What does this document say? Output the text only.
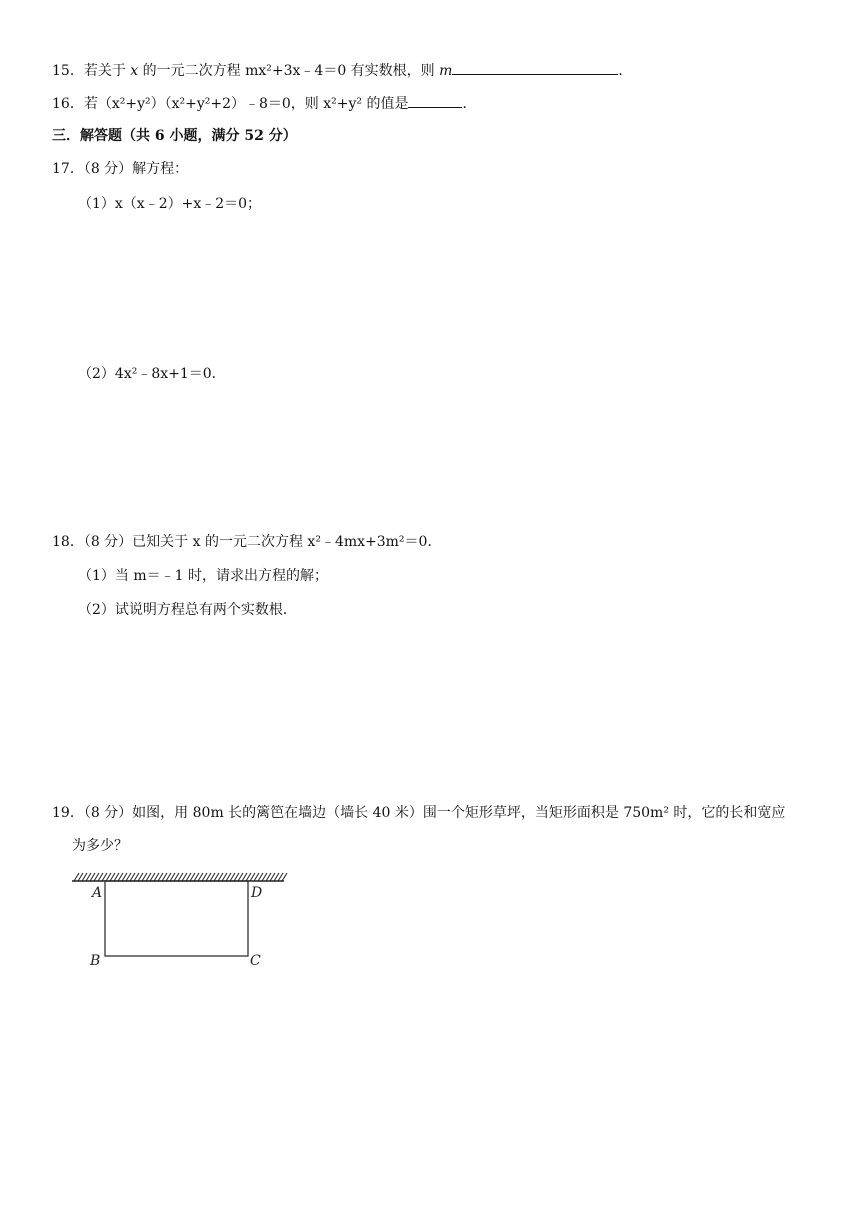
15．若关于 x 的一元二次方程 mx²+3x﹣4＝0 有实数根，则 m	．
16．若（x²+y²）（x²+y²+2）﹣8＝0，则 x²+y² 的值是	．
三．解答题（共 6 小题，满分 52 分）
17．（8 分）解方程：
（1）x（x﹣2）+x﹣2＝0；
（2）4x²﹣8x+1＝0．
18．（8 分）已知关于 x 的一元二次方程 x²﹣4mx+3m²＝0．
（1）当 m＝﹣1 时，请求出方程的解；
（2）试说明方程总有两个实数根．
19．（8 分）如图，用 80m 长的篱笆在墙边（墙长 40 米）围一个矩形草坪，当矩形面积是 750m² 时，它的长和宽应
为多少？
A	D
B	C
